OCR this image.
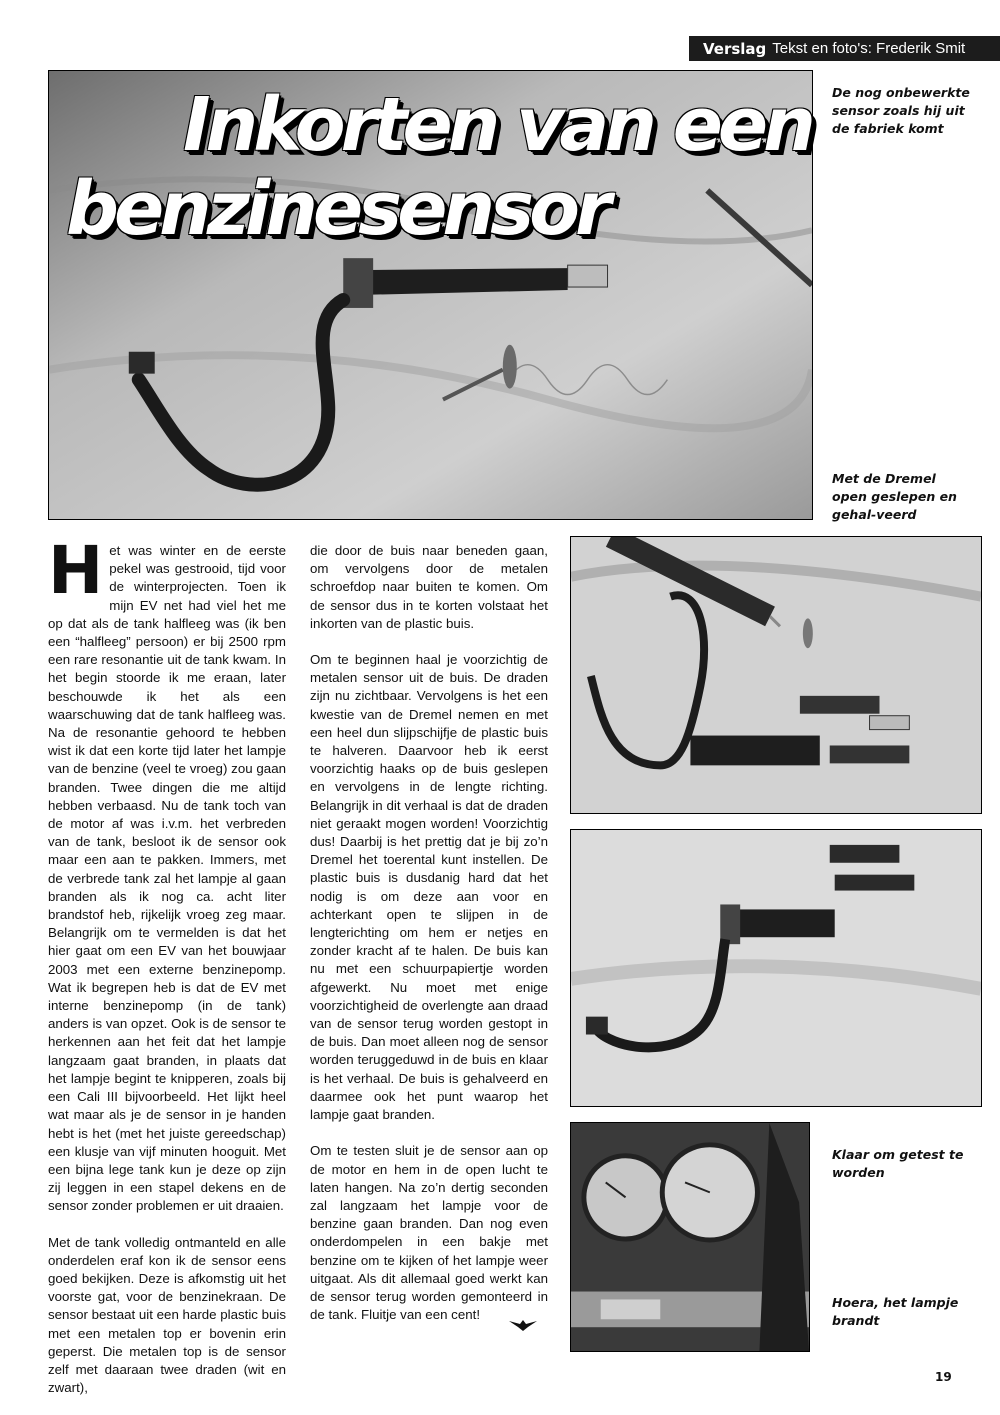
Verslag Tekst en foto's: Frederik Smit
Inkorten van een
benzinesensor
De nog onbewerkte sensor zoals hij uit de fabriek komt
Met de Dremel open geslepen en gehal-veerd

Het was winter en de eerste pekel was gestrooid, tijd voor de winterprojecten. Toen ik mijn EV net had viel het me op dat als de tank halfleeg was (ik ben een “halfleeg” persoon) er bij 2500 rpm een rare resonantie uit de tank kwam. In het begin stoorde ik me eraan, later beschouwde ik het als een waarschuwing dat de tank halfleeg was. Na de resonantie gehoord te hebben wist ik dat een korte tijd later het lampje van de benzine (veel te vroeg) zou gaan branden. Twee dingen die me altijd hebben verbaasd. Nu de tank toch van de motor af was i.v.m. het verbreden van de tank, besloot ik de sensor ook maar een aan te pakken. Immers, met de verbrede tank zal het lampje al gaan branden als ik nog ca. acht liter brandstof heb, rijkelijk vroeg zeg maar. Belangrijk om te vermelden is dat het hier gaat om een EV van het bouwjaar 2003 met een externe benzinepomp. Wat ik begrepen heb is dat de EV met interne benzinepomp (in de tank) anders is van opzet. Ook is de sensor te herkennen aan het feit dat het lampje langzaam gaat branden, in plaats dat het lampje begint te knipperen, zoals bij een Cali III bijvoorbeeld. Het lijkt heel wat maar als je de sensor in je handen hebt is het (met het juiste gereedschap) een klusje van vijf minuten hooguit. Met een bijna lege tank kun je deze op zijn zij leggen in een stapel dekens en de sensor zonder problemen er uit draaien.

Met de tank volledig ontmanteld en alle onderdelen eraf kon ik de sensor eens goed bekijken. Deze is afkomstig uit het voorste gat, voor de benzinekraan. De sensor bestaat uit een harde plastic buis met een metalen top er bovenin erin geperst. Die metalen top is de sensor zelf met daaraan twee draden (wit en zwart),

die door de buis naar beneden gaan, om vervolgens door de metalen schroefdop naar buiten te komen. Om de sensor dus in te korten volstaat het inkorten van de plastic buis.

Om te beginnen haal je voorzichtig de metalen sensor uit de buis. De draden zijn nu zichtbaar. Vervolgens is het een kwestie van de Dremel nemen en met een heel dun slijpschijfje de plastic buis te halveren. Daarvoor heb ik eerst voorzichtig haaks op de buis geslepen en vervolgens in de lengte richting. Belangrijk in dit verhaal is dat de draden niet geraakt mogen worden! Voorzichtig dus! Daarbij is het prettig dat je bij zo’n Dremel het toerental kunt instellen. De plastic buis is dusdanig hard dat het nodig is om deze aan voor en achterkant open te slijpen in de lengterichting om hem er netjes en zonder kracht af te halen. De buis kan nu met een schuurpapiertje worden afgewerkt. Nu moet met enige voorzichtigheid de overlengte aan draad van de sensor terug worden gestopt in de buis. Dan moet alleen nog de sensor worden teruggeduwd in de buis en klaar is het verhaal. De buis is gehalveerd en daarmee ook het punt waarop het lampje gaat branden.

Om te testen sluit je de sensor aan op de motor en hem in de open lucht te laten hangen. Na zo’n dertig seconden zal langzaam het lampje voor de benzine gaan branden. Dan nog even onderdompelen in een bakje met benzine om te kijken of het lampje weer uitgaat. Als dit allemaal goed werkt kan de sensor terug worden gemonteerd in de tank. Fluitje van een cent!

Klaar om getest te worden
Hoera, het lampje brandt
19
